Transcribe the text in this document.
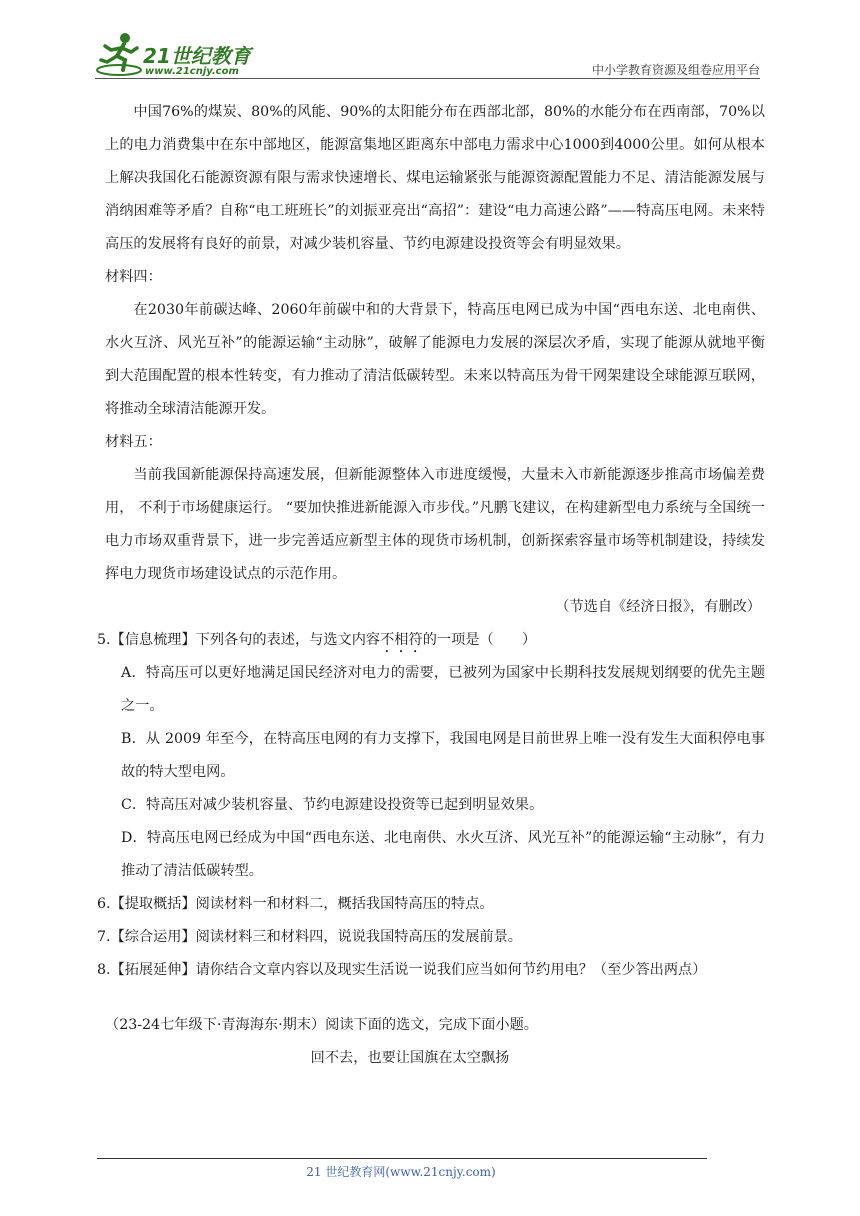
21世纪教育
www.21cnjy.com	中小学教育资源及组卷应用平台

中国76%的煤炭、80%的风能、90%的太阳能分布在西部北部，80%的水能分布在西南部，70%以上的电力消费集中在东中部地区，能源富集地区距离东中部电力需求中心1000到4000公里。如何从根本上解决我国化石能源资源有限与需求快速增长、煤电运输紧张与能源资源配置能力不足、清洁能源发展与消纳困难等矛盾？自称“电工班班长”的刘振亚亮出“高招”：建设“电力高速公路”——特高压电网。未来特高压的发展将有良好的前景，对减少装机容量、节约电源建设投资等会有明显效果。

材料四：

在2030年前碳达峰、2060年前碳中和的大背景下，特高压电网已成为中国“西电东送、北电南供、水火互济、风光互补”的能源运输“主动脉”，破解了能源电力发展的深层次矛盾，实现了能源从就地平衡到大范围配置的根本性转变，有力推动了清洁低碳转型。未来以特高压为骨干网架建设全球能源互联网，将推动全球清洁能源开发。

材料五：

当前我国新能源保持高速发展，但新能源整体入市进度缓慢，大量未入市新能源逐步推高市场偏差费用， 不利于市场健康运行。 “要加快推进新能源入市步伐。”凡鹏飞建议，在构建新型电力系统与全国统一电力市场双重背景下，进一步完善适应新型主体的现货市场机制，创新探索容量市场等机制建设，持续发挥电力现货市场建设试点的示范作用。

（节选自《经济日报》，有删改）

5.【信息梳理】下列各句的表述，与选文内容不相符的一项是（　　）

A．特高压可以更好地满足国民经济对电力的需要，已被列为国家中长期科技发展规划纲要的优先主题之一。

B．从 2009 年至今，在特高压电网的有力支撑下，我国电网是目前世界上唯一没有发生大面积停电事故的特大型电网。

C．特高压对减少装机容量、节约电源建设投资等已起到明显效果。

D．特高压电网已经成为中国“西电东送、北电南供、水火互济、风光互补”的能源运输“主动脉”，有力推动了清洁低碳转型。

6.【提取概括】阅读材料一和材料二，概括我国特高压的特点。

7.【综合运用】阅读材料三和材料四，说说我国特高压的发展前景。

8.【拓展延伸】请你结合文章内容以及现实生活说一说我们应当如何节约用电？（至少答出两点）

（23-24七年级下·青海海东·期末）阅读下面的选文，完成下面小题。

回不去，也要让国旗在太空飘扬

21 世纪教育网(www.21cnjy.com)
